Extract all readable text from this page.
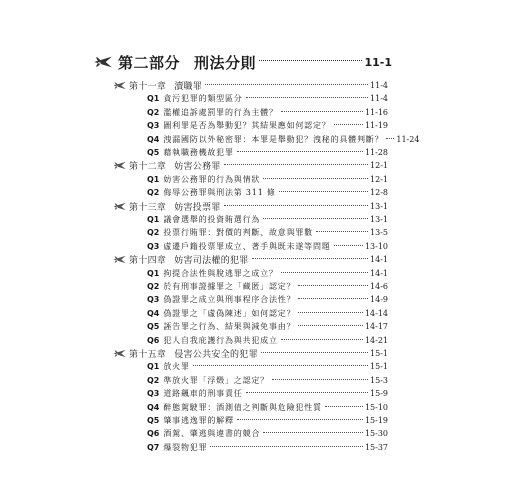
第二部分 刑法分則	11-1
第十一章 瀆職罪	11-4
Q1 貪污犯罪的類型區分	11-4
Q2 濫權追訴處罰罪的行為主體？	11-16
Q3 圖利罪是否為舉動犯？其結果應如何認定？	11-19
Q4 洩漏國防以外秘密罪：本罪是舉動犯？洩秘的具體判斷？ 11-24
Q5 藉執職務機故犯罪	11-28
第十二章 妨害公務罪	12-1
Q1 妨害公務罪的行為與情狀	12-1
Q2 侮辱公務罪與刑法第 311 條	12-8
第十三章 妨害投票罪	13-1
Q1 議會選舉的投資賄選行為	13-1
Q2 投票行賄罪：對價的判斷、故意與罪數	13-5
Q3 虛遷戶籍投票罪成立、著手與既未遂等問題	13-10
第十四章 妨害司法權的犯罪	14-1
Q1 拘提合法性與脫逃罪之成立？	14-1
Q2 於有刑事證據罪之「藏匿」認定？	14-6
Q3 偽證罪之成立與刑事程序合法性？	14-9
Q4 偽證罪之「虛偽陳述」如何認定？	14-14
Q5 誣告罪之行為、結果與減免事由？	14-17
Q6 犯人自我庇護行為與共犯成立	14-21
第十五章 侵害公共安全的犯罪	15-1
Q1 放火罪	15-1
Q2 準放火罪「浮燬」之認定？	15-3
Q3 道路飆車的刑事責任	15-9
Q4 醉態駕駛罪：酒測值之判斷與危險犯性質	15-10
Q5 肇事逃逸罪的解釋	15-19
Q6 酒駕、肇逃與違書的競合	15-30
Q7 爆裂物犯罪	15-37
